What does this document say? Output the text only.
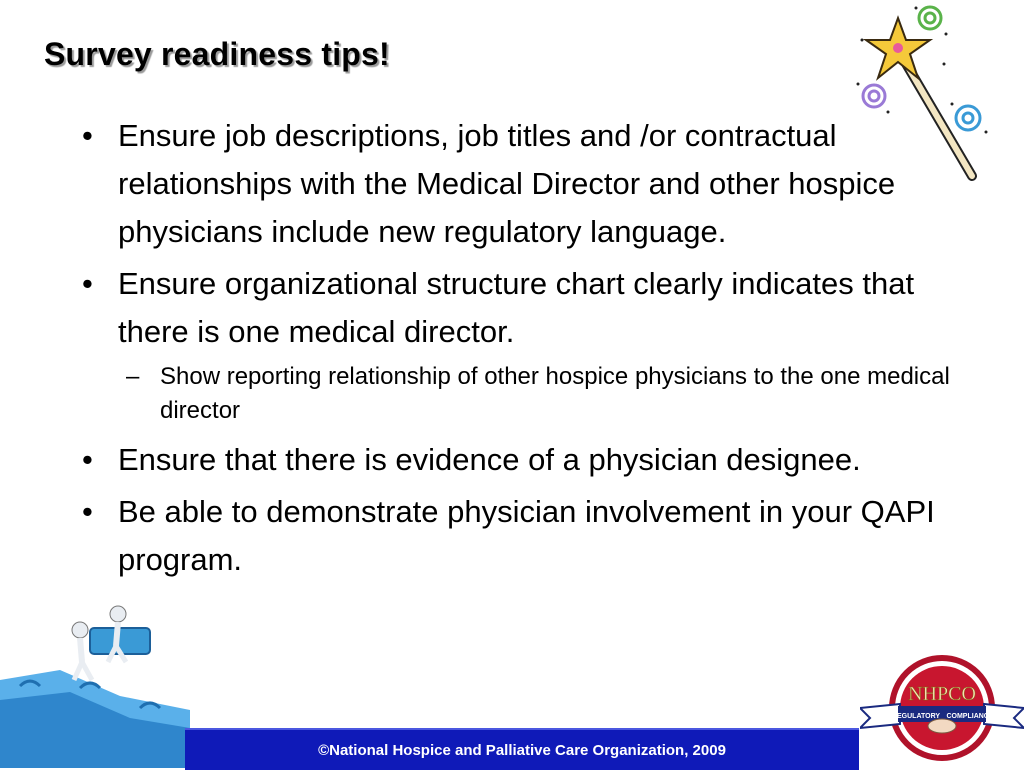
Survey readiness tips!
• Ensure job descriptions, job titles and /or contractual relationships with the Medical Director and other hospice physicians include new regulatory language.
• Ensure organizational structure chart clearly indicates that there is one medical director.
– Show reporting relationship of other hospice physicians to the one medical director
• Ensure that there is evidence of a physician designee.
• Be able to demonstrate physician involvement in your QAPI program.
©National Hospice and Palliative Care Organization, 2009
NHPCO
REGULATORY COMPLIANCE
